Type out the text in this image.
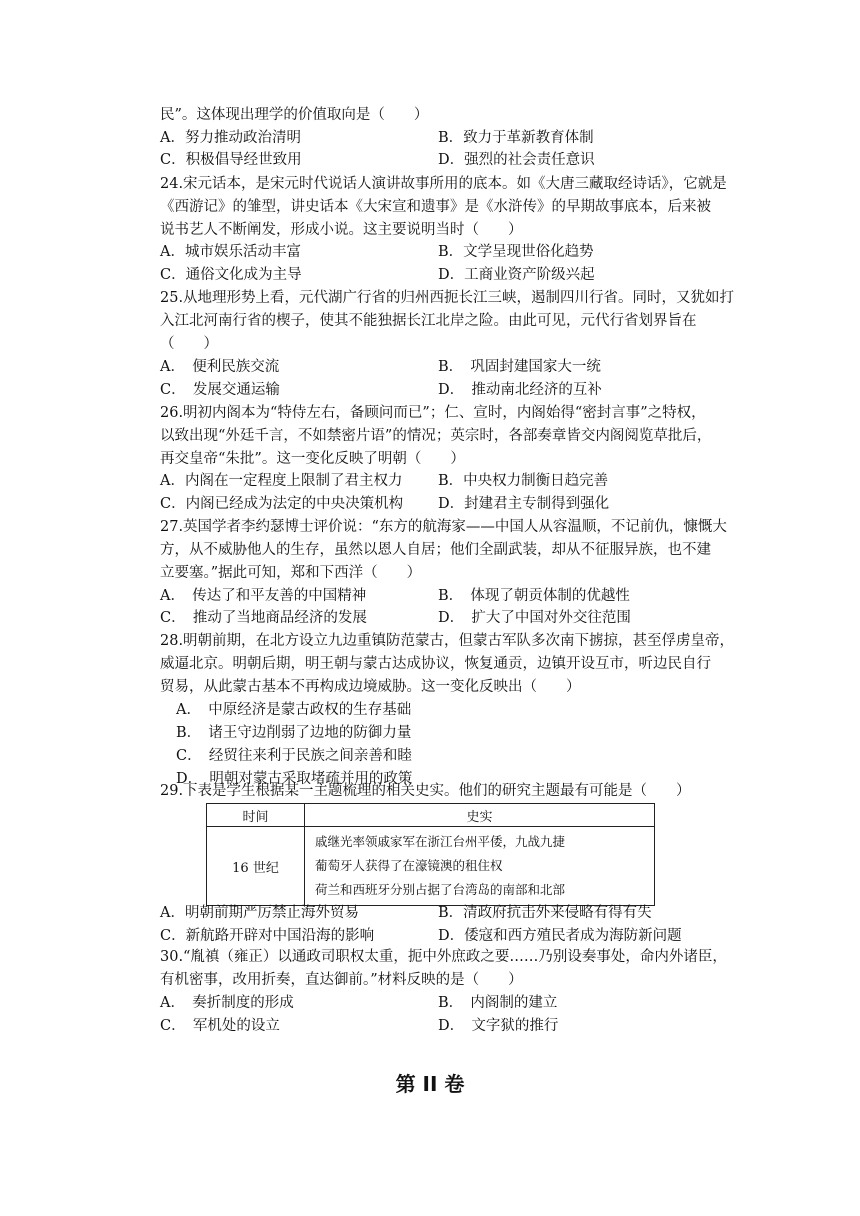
民”。这体现出理学的价值取向是（　　）
A．努力推动政治清明	B．致力于革新教育体制
C．积极倡导经世致用	D．强烈的社会责任意识
24. 宋元话本，是宋元时代说话人演讲故事所用的底本。如《大唐三藏取经诗话》，它就是
《西游记》的雏型，讲史话本《大宋宣和遗事》是《水浒传》的早期故事底本，后来被
说书艺人不断阐发，形成小说。这主要说明当时（　　）
A．城市娱乐活动丰富	B．文学呈现世俗化趋势
C．通俗文化成为主导	D．工商业资产阶级兴起
25. 从地理形势上看，元代湖广行省的归州西扼长江三峡，遏制四川行省。同时，又犹如打
入江北河南行省的楔子，使其不能独据长江北岸之险。由此可见，元代行省划界旨在
（　　）
A．　便利民族交流	B．　巩固封建国家大一统
C．　发展交通运输	D．　推动南北经济的互补
26. 明初内阁本为“特侍左右，备顾问而已”；仁、宣时，内阁始得“密封言事”之特权，
以致出现“外廷千言，不如禁密片语”的情况；英宗时，各部奏章皆交内阁阅览草批后，
再交皇帝“朱批”。这一变化反映了明朝（　　）
A．内阁在一定程度上限制了君主权力 B．中央权力制衡日趋完善
C．内阁已经成为法定的中央决策机构 D．封建君主专制得到强化
27. 英国学者李约瑟博士评价说：“东方的航海家——中国人从容温顺，不记前仇，慷慨大
方，从不威胁他人的生存，虽然以恩人自居；他们全副武装，却从不征服异族，也不建
立要塞。”据此可知，郑和下西洋（　　）
A．　传达了和平友善的中国精神	B．　体现了朝贡体制的优越性
C．　推动了当地商品经济的发展	D．　扩大了中国对外交往范围
28. 明朝前期，在北方设立九边重镇防范蒙古，但蒙古军队多次南下掳掠，甚至俘虏皇帝，
威逼北京。明朝后期，明王朝与蒙古达成协议，恢复通贡，边镇开设互市，听边民自行
贸易，从此蒙古基本不再构成边境威胁。这一变化反映出（　　）
A．　中原经济是蒙古政权的生存基础
B．　诸王守边削弱了边地的防御力量
C．　经贸往来利于民族之间亲善和睦
D．　明朝对蒙古采取堵疏并用的政策
29. 下表是学生根据某一主题梳理的相关史实。他们的研究主题最有可能是（　　）
时间	史实
16 世纪	戚继光率领戚家军在浙江台州平倭，九战九捷
葡萄牙人获得了在濠镜澳的租住权
荷兰和西班牙分别占据了台湾岛的南部和北部
A．明朝前期严厉禁止海外贸易	B．清政府抗击外来侵略有得有失
C．新航路开辟对中国沿海的影响	D．倭寇和西方殖民者成为海防新问题
30. “胤禛（雍正）以通政司职权太重，扼中外庶政之要……乃别设奏事处，命内外诸臣，
有机密事，改用折奏，直达御前。”材料反映的是（　　）
A．　奏折制度的形成	B．　内阁制的建立
C．　军机处的设立	D．　文字狱的推行
第 II 卷
